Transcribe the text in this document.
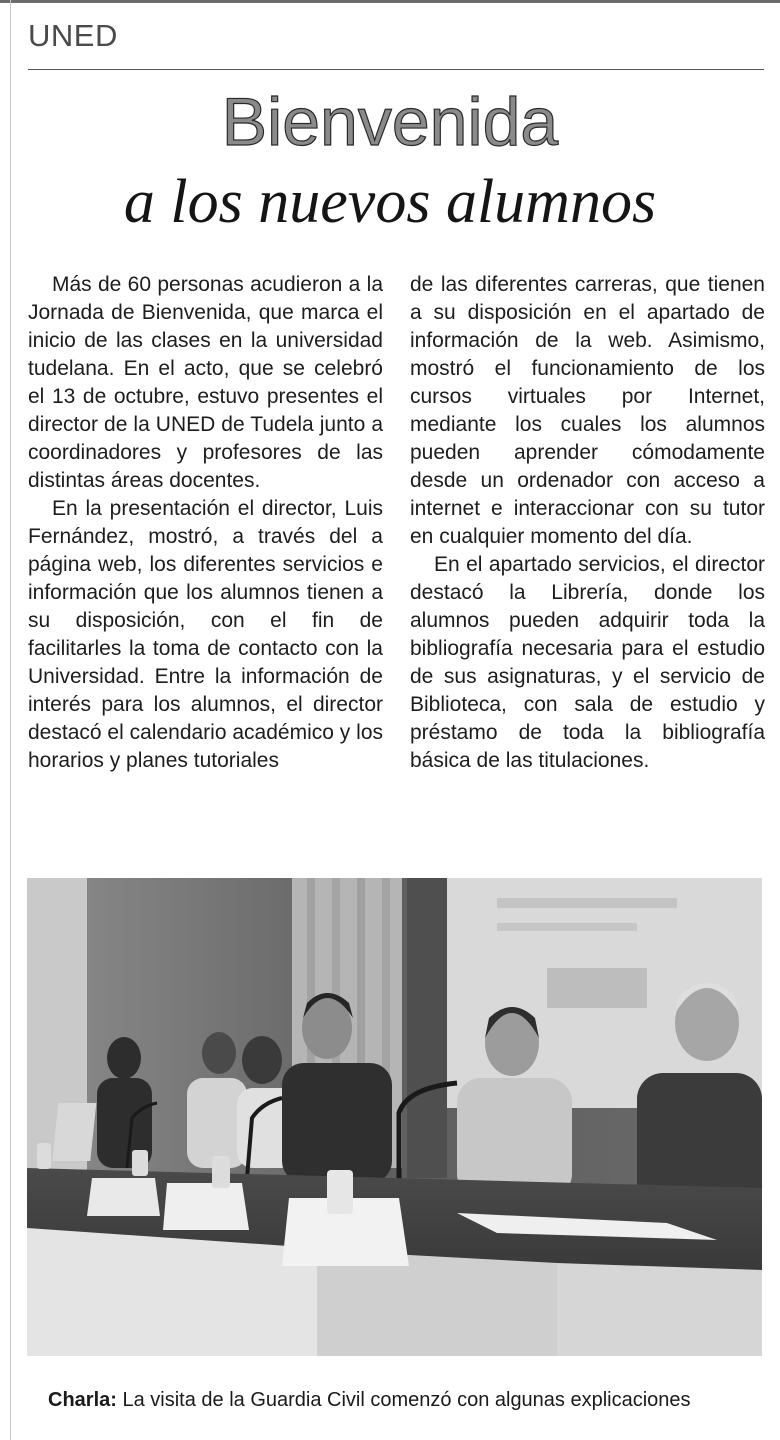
UNED
Bienvenida
a los nuevos alumnos

Más de 60 personas acudieron a la Jornada de Bienvenida, que marca el inicio de las clases en la universidad tudelana. En el acto, que se celebró el 13 de octubre, estuvo presentes el director de la UNED de Tudela junto a coordinadores y profesores de las distintas áreas docentes.

En la presentación el director, Luis Fernández, mostró, a través del a página web, los diferentes servicios e información que los alumnos tienen a su disposición, con el fin de facilitarles la toma de contacto con la Universidad. Entre la información de interés para los alumnos, el director destacó el calendario académico y los horarios y planes tutoriales

de las diferentes carreras, que tienen a su disposición en el apartado de información de la web. Asimismo, mostró el funcionamiento de los cursos virtuales por Internet, mediante los cuales los alumnos pueden aprender cómodamente desde un ordenador con acceso a internet e interaccionar con su tutor en cualquier momento del día.

En el apartado servicios, el director destacó la Librería, donde los alumnos pueden adquirir toda la bibliografía necesaria para el estudio de sus asignaturas, y el servicio de Biblioteca, con sala de estudio y préstamo de toda la bibliografía básica de las titulaciones.

Charla: La visita de la Guardia Civil comenzó con algunas explicaciones
